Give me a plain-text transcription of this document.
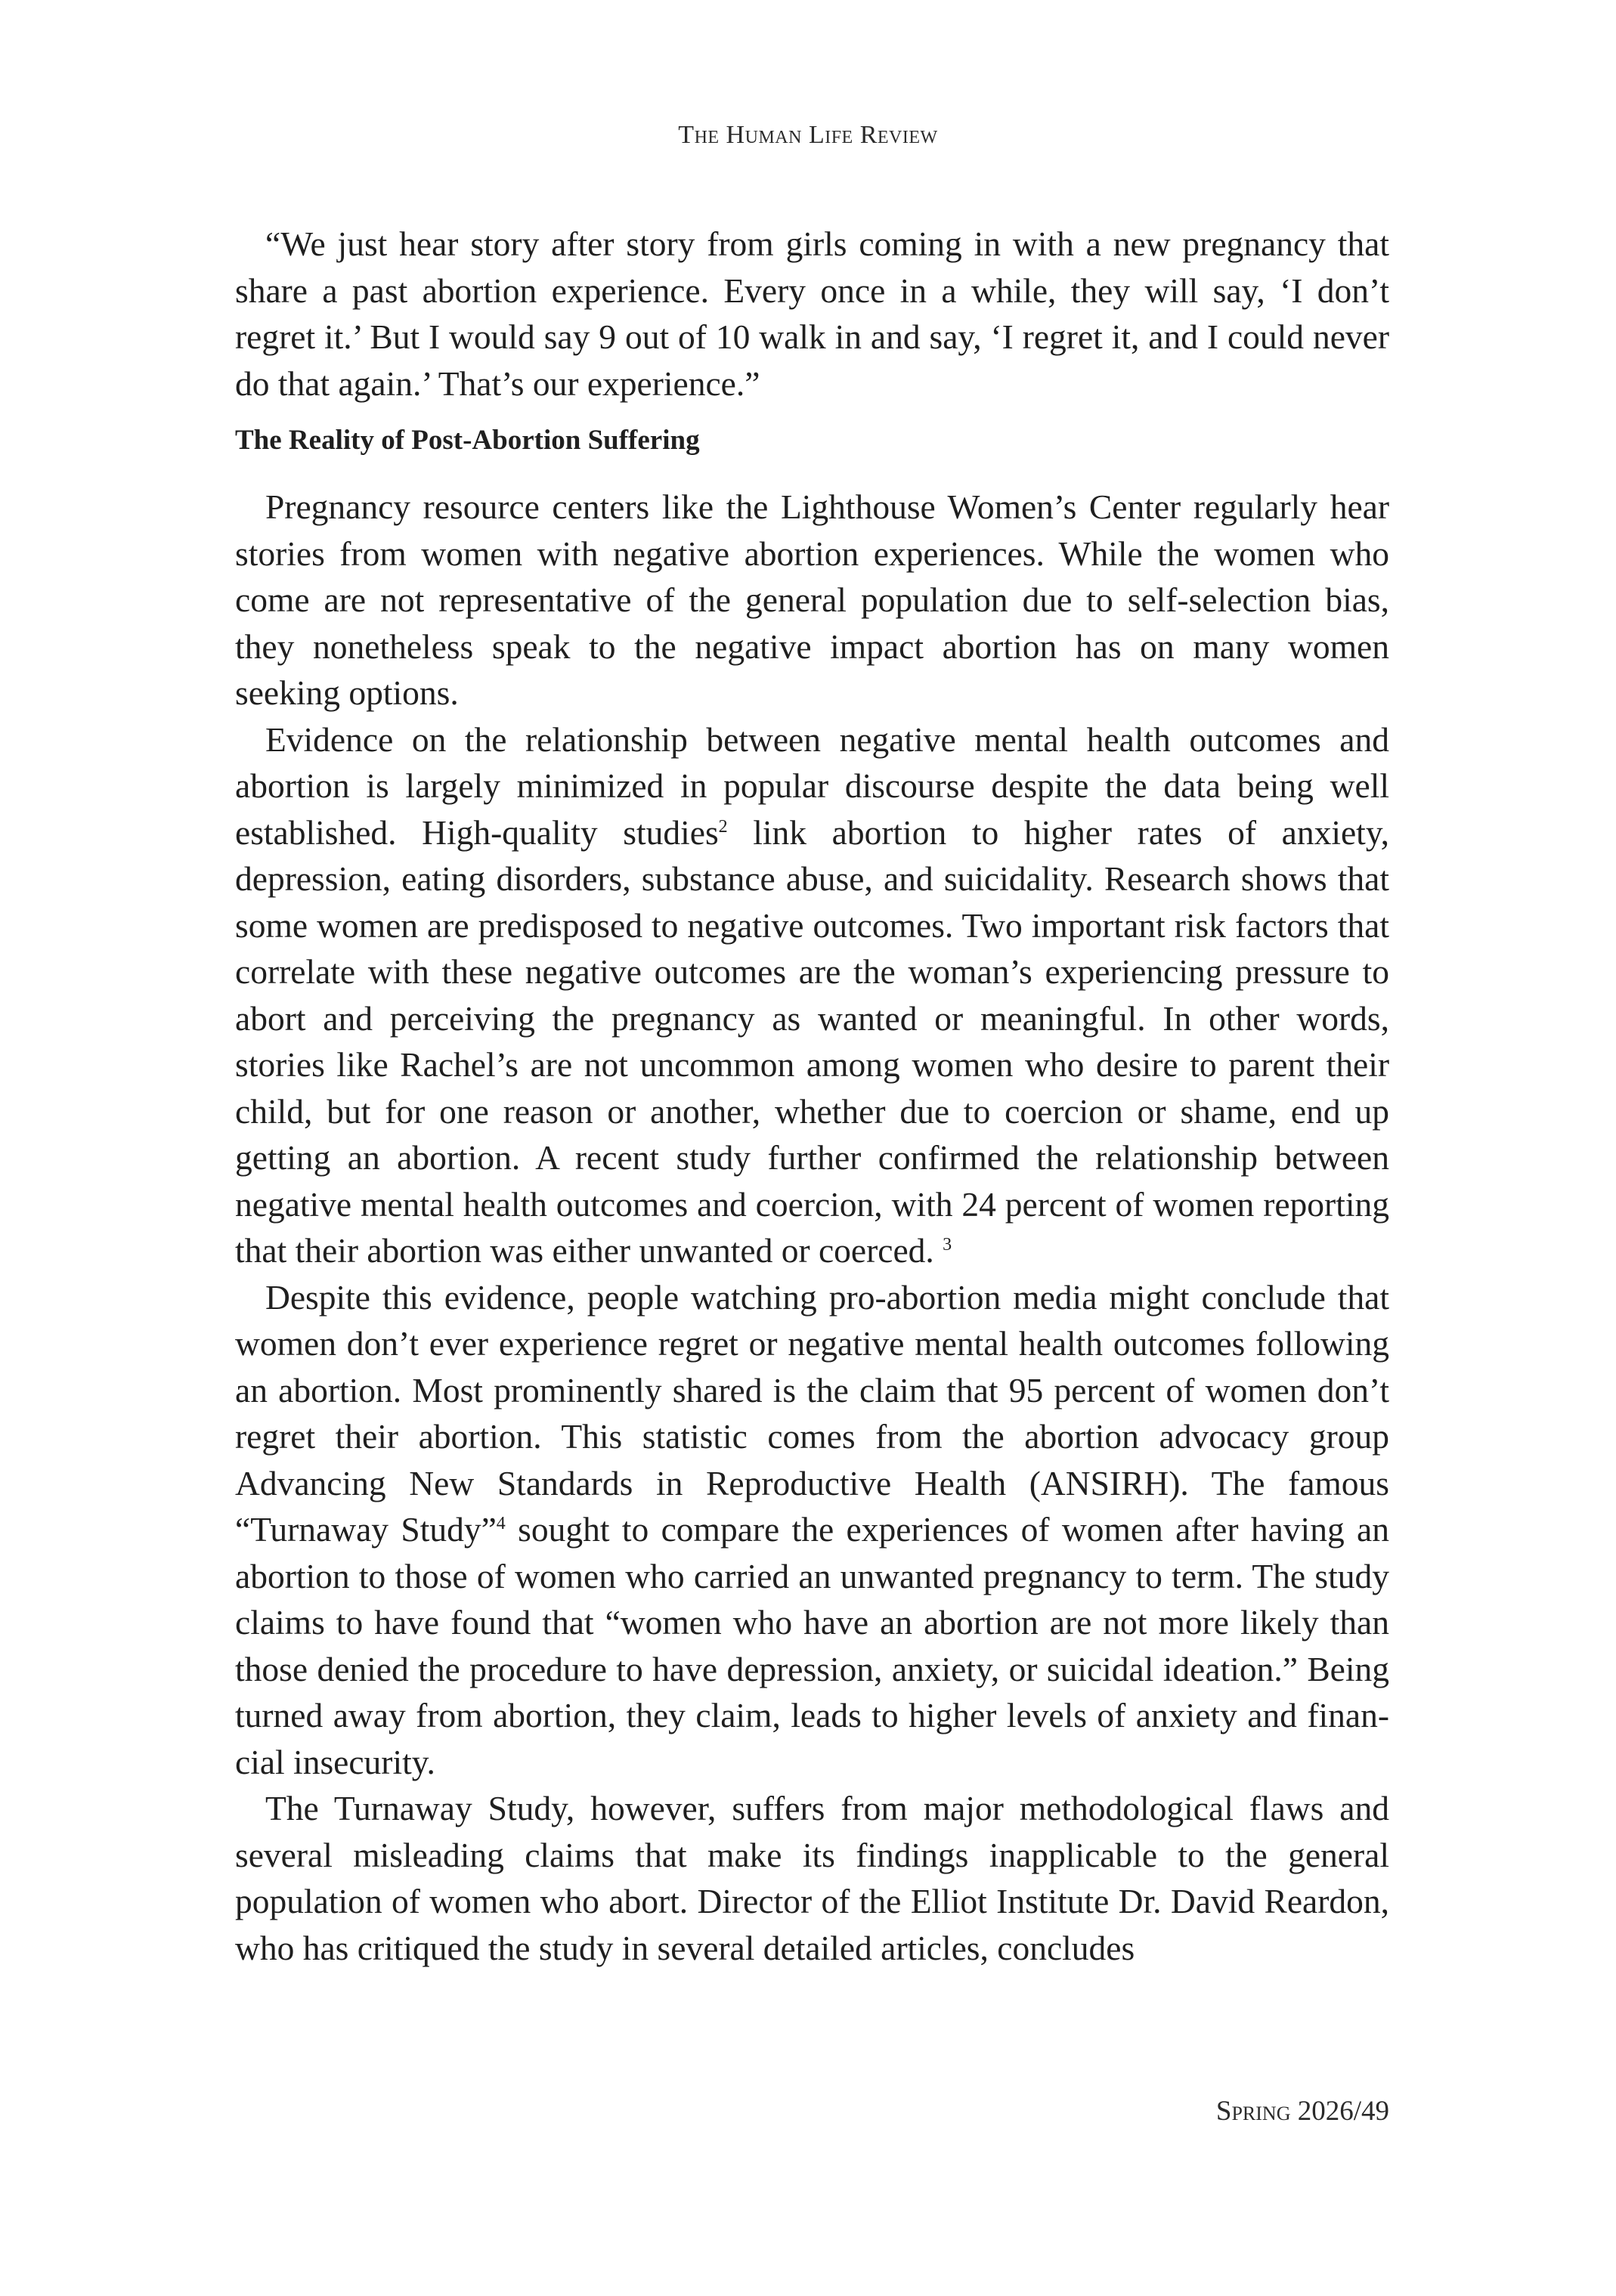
The Human Life Review

“We just hear story after story from girls coming in with a new pregnancy that share a past abortion experience. Every once in a while, they will say, ‘I don’t regret it.’ But I would say 9 out of 10 walk in and say, ‘I regret it, and I could never do that again.’ That’s our experience.”

The Reality of Post-Abortion Suffering

Pregnancy resource centers like the Lighthouse Women’s Center regularly hear stories from women with negative abortion experiences. While the women who come are not representative of the general population due to self-selection bias, they nonetheless speak to the negative impact abortion has on many women seeking options.

Evidence on the relationship between negative mental health outcomes and abortion is largely minimized in popular discourse despite the data being well established. High-quality studies$^2$ link abortion to higher rates of anxiety, depression, eating disorders, substance abuse, and suicidality. Research shows that some women are predisposed to negative outcomes. Two important risk factors that correlate with these negative outcomes are the woman’s experiencing pressure to abort and perceiving the pregnancy as wanted or meaningful. In other words, stories like Rachel’s are not uncommon among women who desire to parent their child, but for one reason or another, whether due to coercion or shame, end up getting an abortion. A recent study further confirmed the relationship between negative mental health outcomes and coercion, with 24 percent of women reporting that their abortion was either unwanted or coerced. $^3$

Despite this evidence, people watching pro-abortion media might conclude that women don’t ever experience regret or negative mental health outcomes following an abortion. Most prominently shared is the claim that 95 percent of women don’t regret their abortion. This statistic comes from the abortion advocacy group Advancing New Standards in Reproductive Health (ANSIRH). The famous “Turnaway Study”$^4$ sought to compare the experiences of women after having an abortion to those of women who carried an unwanted pregnancy to term. The study claims to have found that “women who have an abortion are not more likely than those denied the procedure to have depression, anxiety, or suicidal ideation.” Being turned away from abortion, they claim, leads to higher levels of anxiety and financial insecurity.

The Turnaway Study, however, suffers from major methodological flaws and several misleading claims that make its findings inapplicable to the general population of women who abort. Director of the Elliot Institute Dr. David Reardon, who has critiqued the study in several detailed articles, concludes

Spring 2026/49
